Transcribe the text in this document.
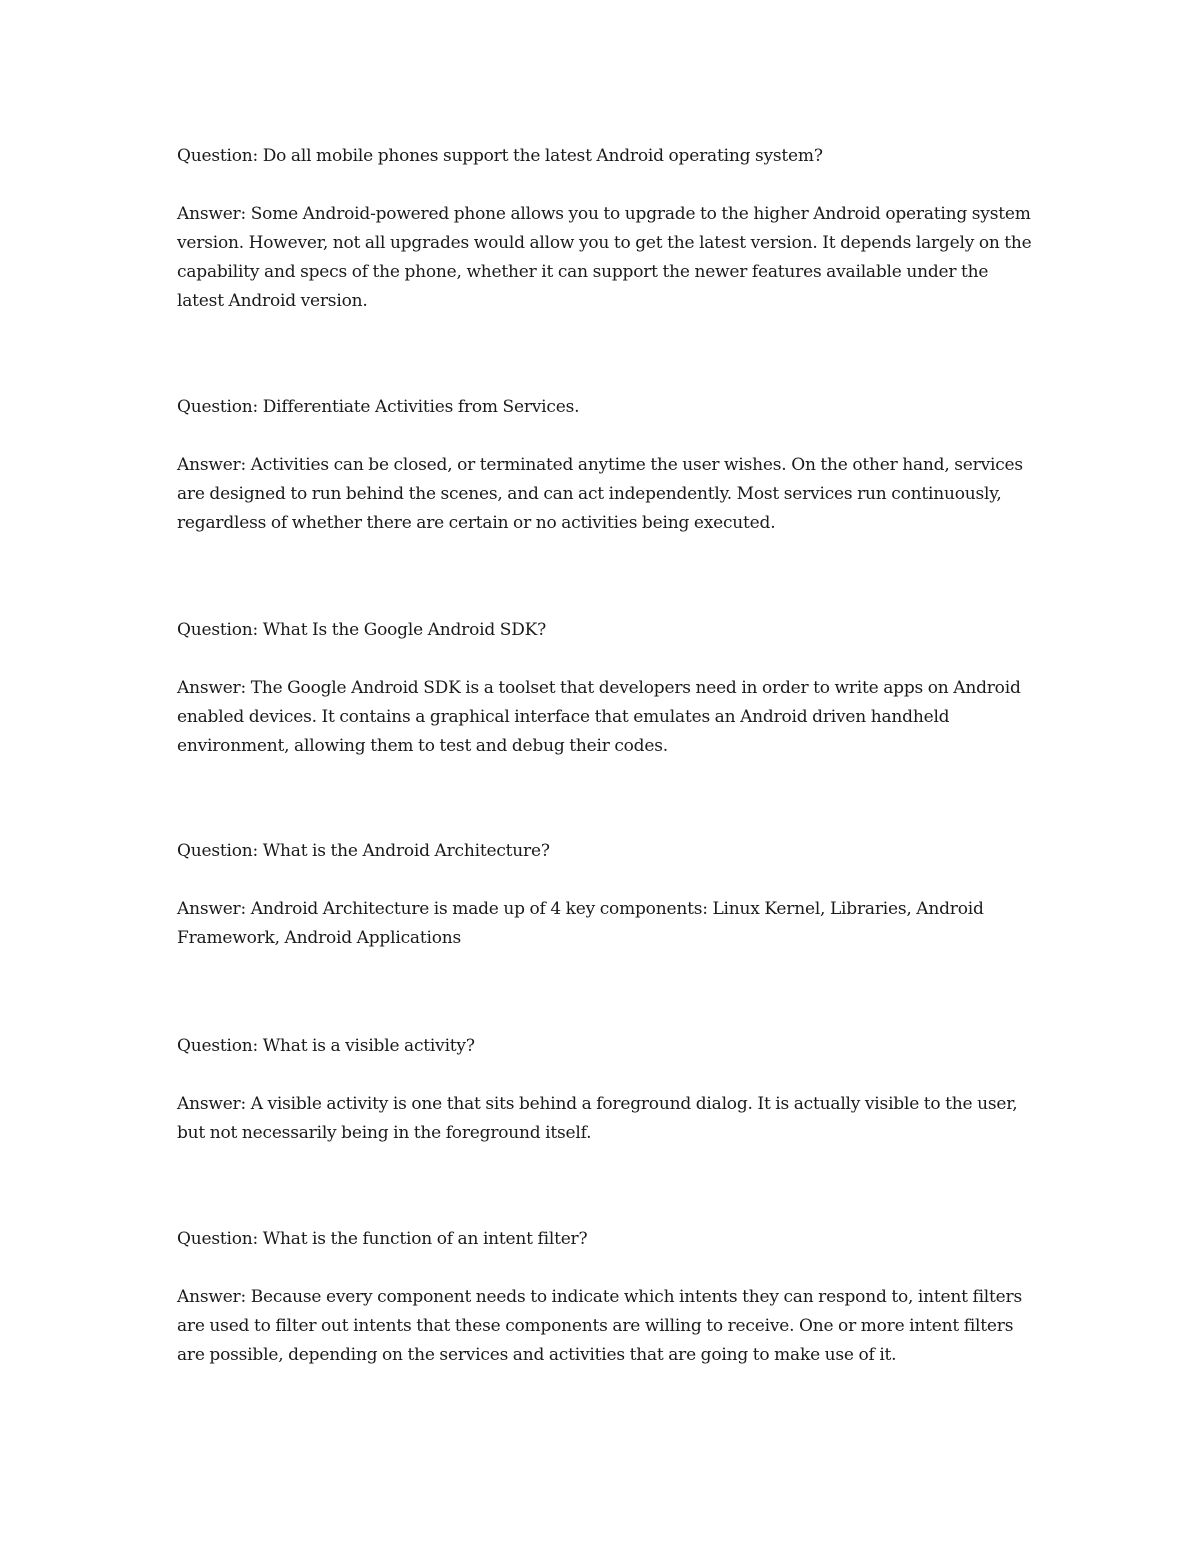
Question: Do all mobile phones support the latest Android operating system?

Answer: Some Android-powered phone allows you to upgrade to the higher Android operating system version. However, not all upgrades would allow you to get the latest version. It depends largely on the capability and specs of the phone, whether it can support the newer features available under the latest Android version.

Question: Differentiate Activities from Services.

Answer: Activities can be closed, or terminated anytime the user wishes. On the other hand, services are designed to run behind the scenes, and can act independently. Most services run continuously, regardless of whether there are certain or no activities being executed.

Question: What Is the Google Android SDK?

Answer: The Google Android SDK is a toolset that developers need in order to write apps on Android enabled devices. It contains a graphical interface that emulates an Android driven handheld environment, allowing them to test and debug their codes.

Question: What is the Android Architecture?

Answer: Android Architecture is made up of 4 key components: Linux Kernel, Libraries, Android Framework, Android Applications

Question: What is a visible activity?

Answer: A visible activity is one that sits behind a foreground dialog. It is actually visible to the user, but not necessarily being in the foreground itself.

Question: What is the function of an intent filter?

Answer: Because every component needs to indicate which intents they can respond to, intent filters are used to filter out intents that these components are willing to receive. One or more intent filters are possible, depending on the services and activities that are going to make use of it.
